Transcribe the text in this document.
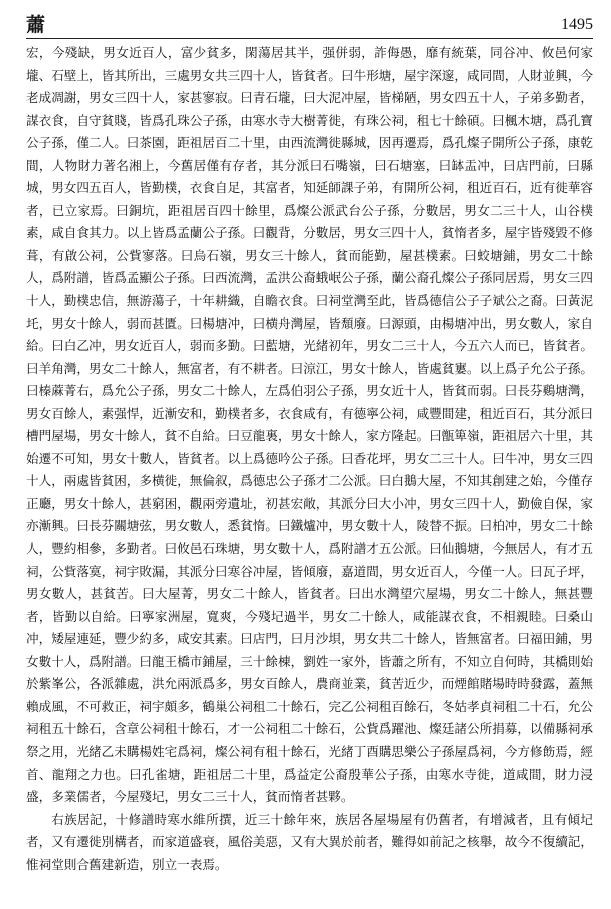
蕭	1495

宏，今殘缺，男女近百人，富少貧多，閑蕩居其半，强併弱，詐侮愚，靡有統葉，同谷冲、攸邑何家壠、石壁上，皆其所出，三處男女共三四十人，皆貧者。曰牛形塘，屋宇深邃，咸同間，人財並興，今老成凋謝，男女三四十人，家甚寥寂。曰青石壠，曰大泥冲屋，皆梯陋，男女四五十人，子弟多勤者，謀衣食，自守貧賤，皆爲孔珠公子孫，由寒水寺大樹菁徙，有珠公祠，租七十餘碩。曰楓木塘，爲孔寶公子孫，僅二人。曰茶園，距祖居百二十里，由西流灣徙縣城，因再遷焉，爲孔燦子開所公子孫，康乾間，人物財力著名湘上，今舊居僅有存者，其分派曰石嘴嶺，曰石塘塞，曰缽盂冲，曰店門前，曰縣城，男女四五百人，皆勤樸，衣食自足，其富者，知延師課子弟，有開所公祠，租近百石，近有徙華容者，已立家焉。曰銅坑，距祖居百四十餘里，爲燦公派武台公子孫，分數居，男女二三十人，山谷樸素，咸自食其力。以上皆爲孟蘭公子孫。曰觀背，分數居，男女三四十人，貧惰者多，屋宇皆殘毀不修葺，有啟公祠，公貲寥落。曰烏石嶺，男女三十餘人，貧而能勤，屋甚樸素。曰蛟塘鋪，男女二十餘人，爲附譜，皆爲孟顯公子孫。曰西流灣，孟洪公裔蛾岷公子孫，蘭公裔孔燦公子孫同居焉，男女三四十人，勤樸忠信，無游蕩子，十年耕織，自瞻衣食。曰祠堂灣至此，皆爲德信公子子斌公之裔。曰黃泥圫，男女十餘人，弱而甚匱。曰楊塘冲，曰横舟灣屋，皆頹廢。曰源頭，由楊塘冲出，男女數人，家自給。曰白乙冲，男女近百人，弱而多勤。曰藍塘，光緒初年，男女二三十人，今五六人而已，皆貧者。曰羊角灣，男女二十餘人，無富者，有不耕者。曰涼江，男女十餘人，皆處貧寠。以上爲子允公子孫。曰榛蔴菁右，爲允公子孫，男女二十餘人，左爲伯羽公子孫，男女近十人，皆貧而弱。曰長芬鷄塘灣，男女百餘人，素强悍，近漸安和，勤樸者多，衣食咸有，有德寧公祠，咸豐間建，租近百石，其分派曰槽門屋場，男女十餘人，貧不自給。曰豆龍裏，男女十餘人，家方隆起。曰甑箄嶺，距祖居六十里，其始遷不可知，男女十數人，皆貧者。以上爲德吟公子孫。曰香花坪，男女二三十人。曰牛冲，男女三四十人，兩處皆貧困，多横徙，無倫叙，爲德忠公子孫才二公派。曰白鵝大屋，不知其創建之始，今僅存正廳，男女十餘人，甚窮困，觀兩旁遺址，初甚宏敞，其派分曰大小冲，男女三四十人，勤儉自保，家亦漸興。曰長芬關塘弦，男女數人，悉貧惰。曰鐵爐冲，男女數十人，陵替不振。曰柏冲，男女二十餘人，豐約相參，多勤者。曰攸邑石珠塘，男女數十人，爲附譜才五公派。曰仙鵝塘，今無居人，有才五祠，公貲落寞，祠宇敗漏，其派分曰寒谷冲屋，皆傾廢，嘉道間，男女近百人，今僅一人。曰瓦子坪，男女數人，甚貧苦。曰大屋菁，男女二十餘人，皆貧者。曰出水灣望穴屋場，男女二十餘人，無甚豐者，皆勤以自給。曰寧家洲屋，寬爽，今殘圮過半，男女二十餘人，咸能謀衣食，不相親睦。曰桑山冲，矮屋連延，豐少約多，咸安其素。曰店門，曰月沙垻，男女共二十餘人，皆無富者。曰福田鋪，男女數十人，爲附譜。曰龍王橋市鋪屋，三十餘棟，劉姓一家外，皆蕭之所有，不知立自何時，其橋則始於紫峯公，各派雜處，洪允兩派爲多，男女百餘人，農商並業，貧苦近少，而煙館賭場時時發露，蓋無賴成風，不可救正，祠宇頗多，鶴巢公祠租二十餘石，完乙公祠租百餘石，冬姑孝貞祠租二十石，允公祠租五十餘石，含章公祠租十餘石，才一公祠租二十餘石，公貲爲躍池、燦廷諸公所捐募，以備縣祠承祭之用，光緒乙未購楊姓宅爲祠，燦公祠有租十餘石，光緒丁酉購思樂公子孫屋爲祠，今方修飭焉，經首、龍翔之力也。曰孔雀塘，距祖居二十里，爲益定公裔殷華公子孫，由寒水寺徙，道咸間，財力浸盛，多業儒者，今屋殘圮，男女二三十人，貧而惰者甚夥。

右族居記，十修譜時寒水維所撰，近三十餘年來，族居各屋場屋有仍舊者，有增減者，且有傾圮者，又有遷徙別構者，而家道盛衰，風俗美惡，又有大異於前者，難得如前記之核舉，故今不復續記，惟祠堂則合舊建新造，別立一表焉。
